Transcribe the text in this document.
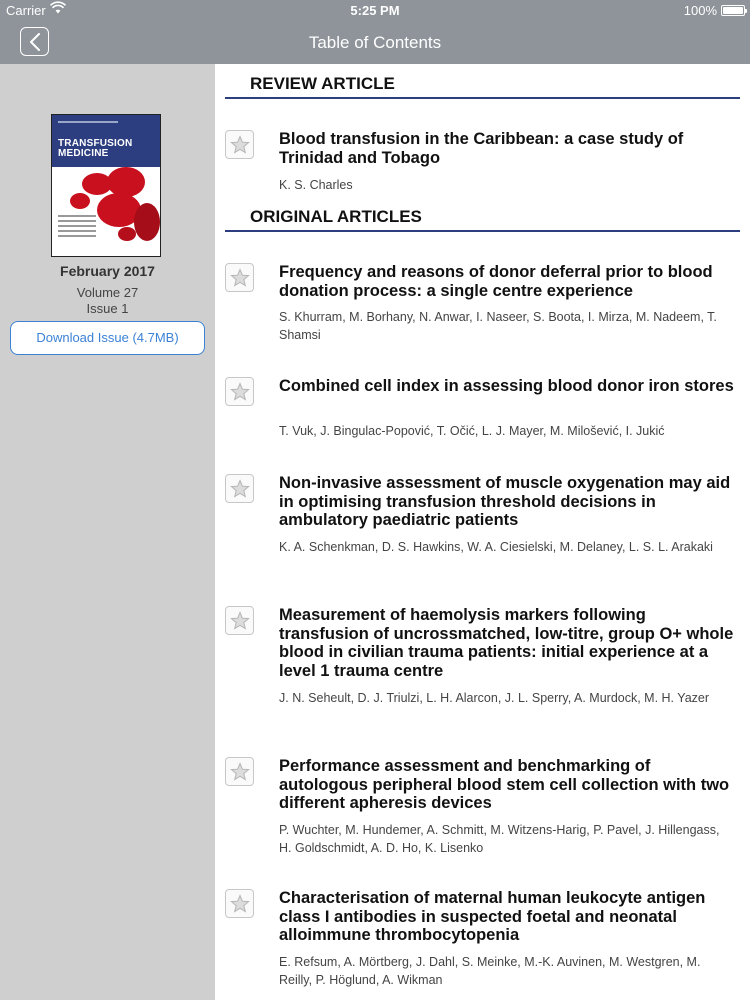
Carrier	5:25 PM	100%
Table of Contents
TRANSFUSION MEDICINE
February 2017
Volume 27
Issue 1
Download Issue (4.7MB)
REVIEW ARTICLE
Blood transfusion in the Caribbean: a case study of Trinidad and Tobago
K. S. Charles
ORIGINAL ARTICLES
Frequency and reasons of donor deferral prior to blood donation process: a single centre experience
S. Khurram, M. Borhany, N. Anwar, I. Naseer, S. Boota, I. Mirza, M. Nadeem, T. Shamsi
Combined cell index in assessing blood donor iron stores
T. Vuk, J. Bingulac-Popović, T. Očić, L. J. Mayer, M. Milošević, I. Jukić
Non-invasive assessment of muscle oxygenation may aid in optimising transfusion threshold decisions in ambulatory paediatric patients
K. A. Schenkman, D. S. Hawkins, W. A. Ciesielski, M. Delaney, L. S. L. Arakaki
Measurement of haemolysis markers following transfusion of uncrossmatched, low-titre, group O+ whole blood in civilian trauma patients: initial experience at a level 1 trauma centre
J. N. Seheult, D. J. Triulzi, L. H. Alarcon, J. L. Sperry, A. Murdock, M. H. Yazer
Performance assessment and benchmarking of autologous peripheral blood stem cell collection with two different apheresis devices
P. Wuchter, M. Hundemer, A. Schmitt, M. Witzens-Harig, P. Pavel, J. Hillengass, H. Goldschmidt, A. D. Ho, K. Lisenko
Characterisation of maternal human leukocyte antigen class I antibodies in suspected foetal and neonatal alloimmune thrombocytopenia
E. Refsum, A. Mörtberg, J. Dahl, S. Meinke, M.-K. Auvinen, M. Westgren, M. Reilly, P. Höglund, A. Wikman
